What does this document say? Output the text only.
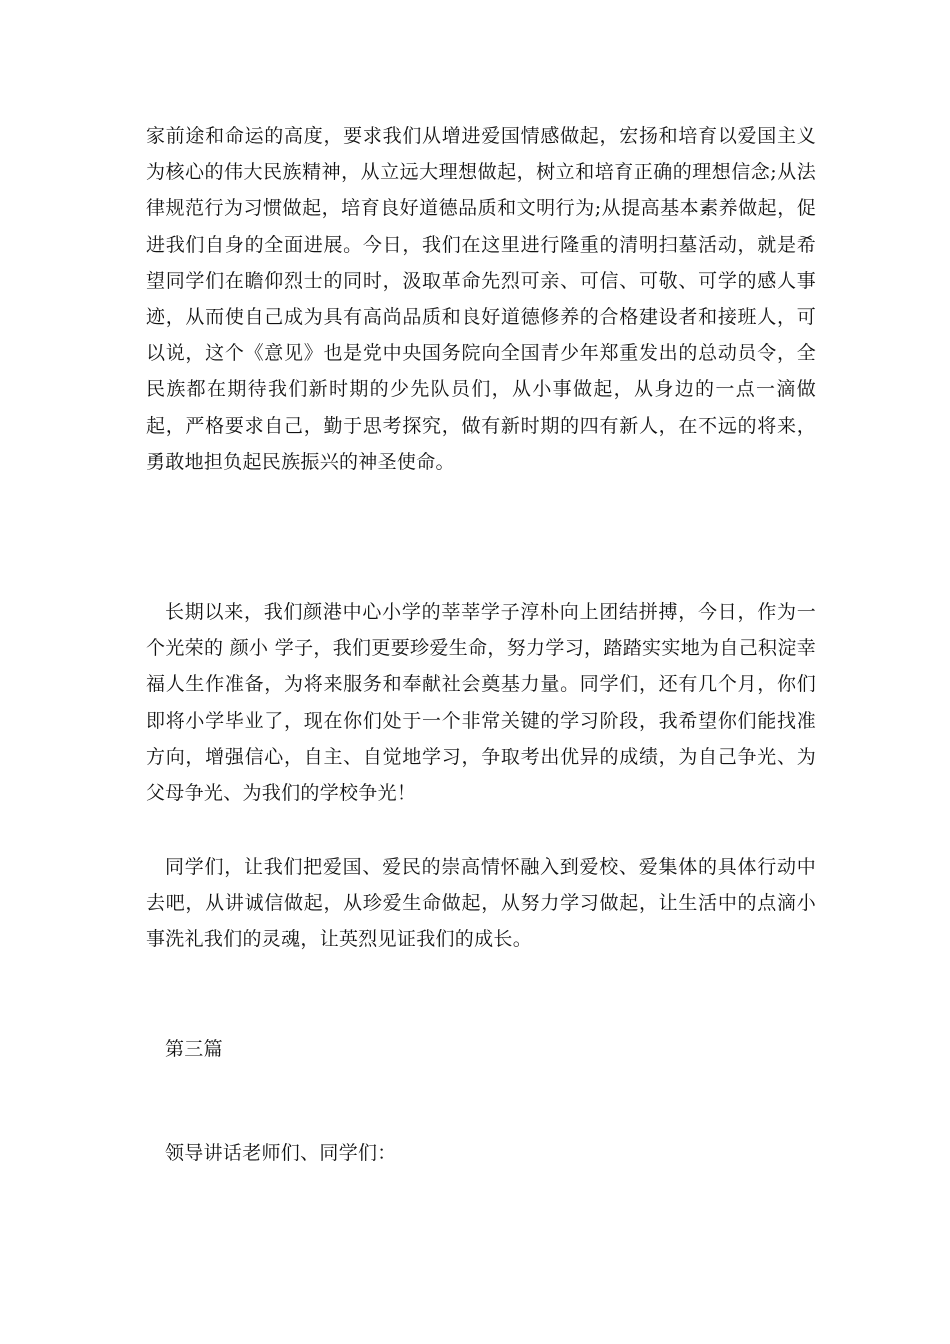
家前途和命运的高度，要求我们从增进爱国情感做起，宏扬和培育以爱国主义为核心的伟大民族精神，从立远大理想做起，树立和培育正确的理想信念;从法律规范行为习惯做起，培育良好道德品质和文明行为;从提高基本素养做起，促进我们自身的全面进展。今日，我们在这里进行隆重的清明扫墓活动，就是希望同学们在瞻仰烈士的同时，汲取革命先烈可亲、可信、可敬、可学的感人事迹，从而使自己成为具有高尚品质和良好道德修养的合格建设者和接班人，可以说，这个《意见》也是党中央国务院向全国青少年郑重发出的总动员令，全民族都在期待我们新时期的少先队员们，从小事做起，从身边的一点一滴做起，严格要求自己，勤于思考探究，做有新时期的四有新人，在不远的将来，勇敢地担负起民族振兴的神圣使命。

长期以来，我们颜港中心小学的莘莘学子淳朴向上团结拼搏，今日，作为一个光荣的 颜小 学子，我们更要珍爱生命，努力学习，踏踏实实地为自己积淀幸福人生作准备，为将来服务和奉献社会奠基力量。同学们，还有几个月，你们即将小学毕业了，现在你们处于一个非常关键的学习阶段，我希望你们能找准方向，增强信心，自主、自觉地学习，争取考出优异的成绩，为自己争光、为父母争光、为我们的学校争光！

同学们，让我们把爱国、爱民的崇高情怀融入到爱校、爱集体的具体行动中去吧，从讲诚信做起，从珍爱生命做起，从努力学习做起，让生活中的点滴小事洗礼我们的灵魂，让英烈见证我们的成长。

第三篇

领导讲话老师们、同学们：
